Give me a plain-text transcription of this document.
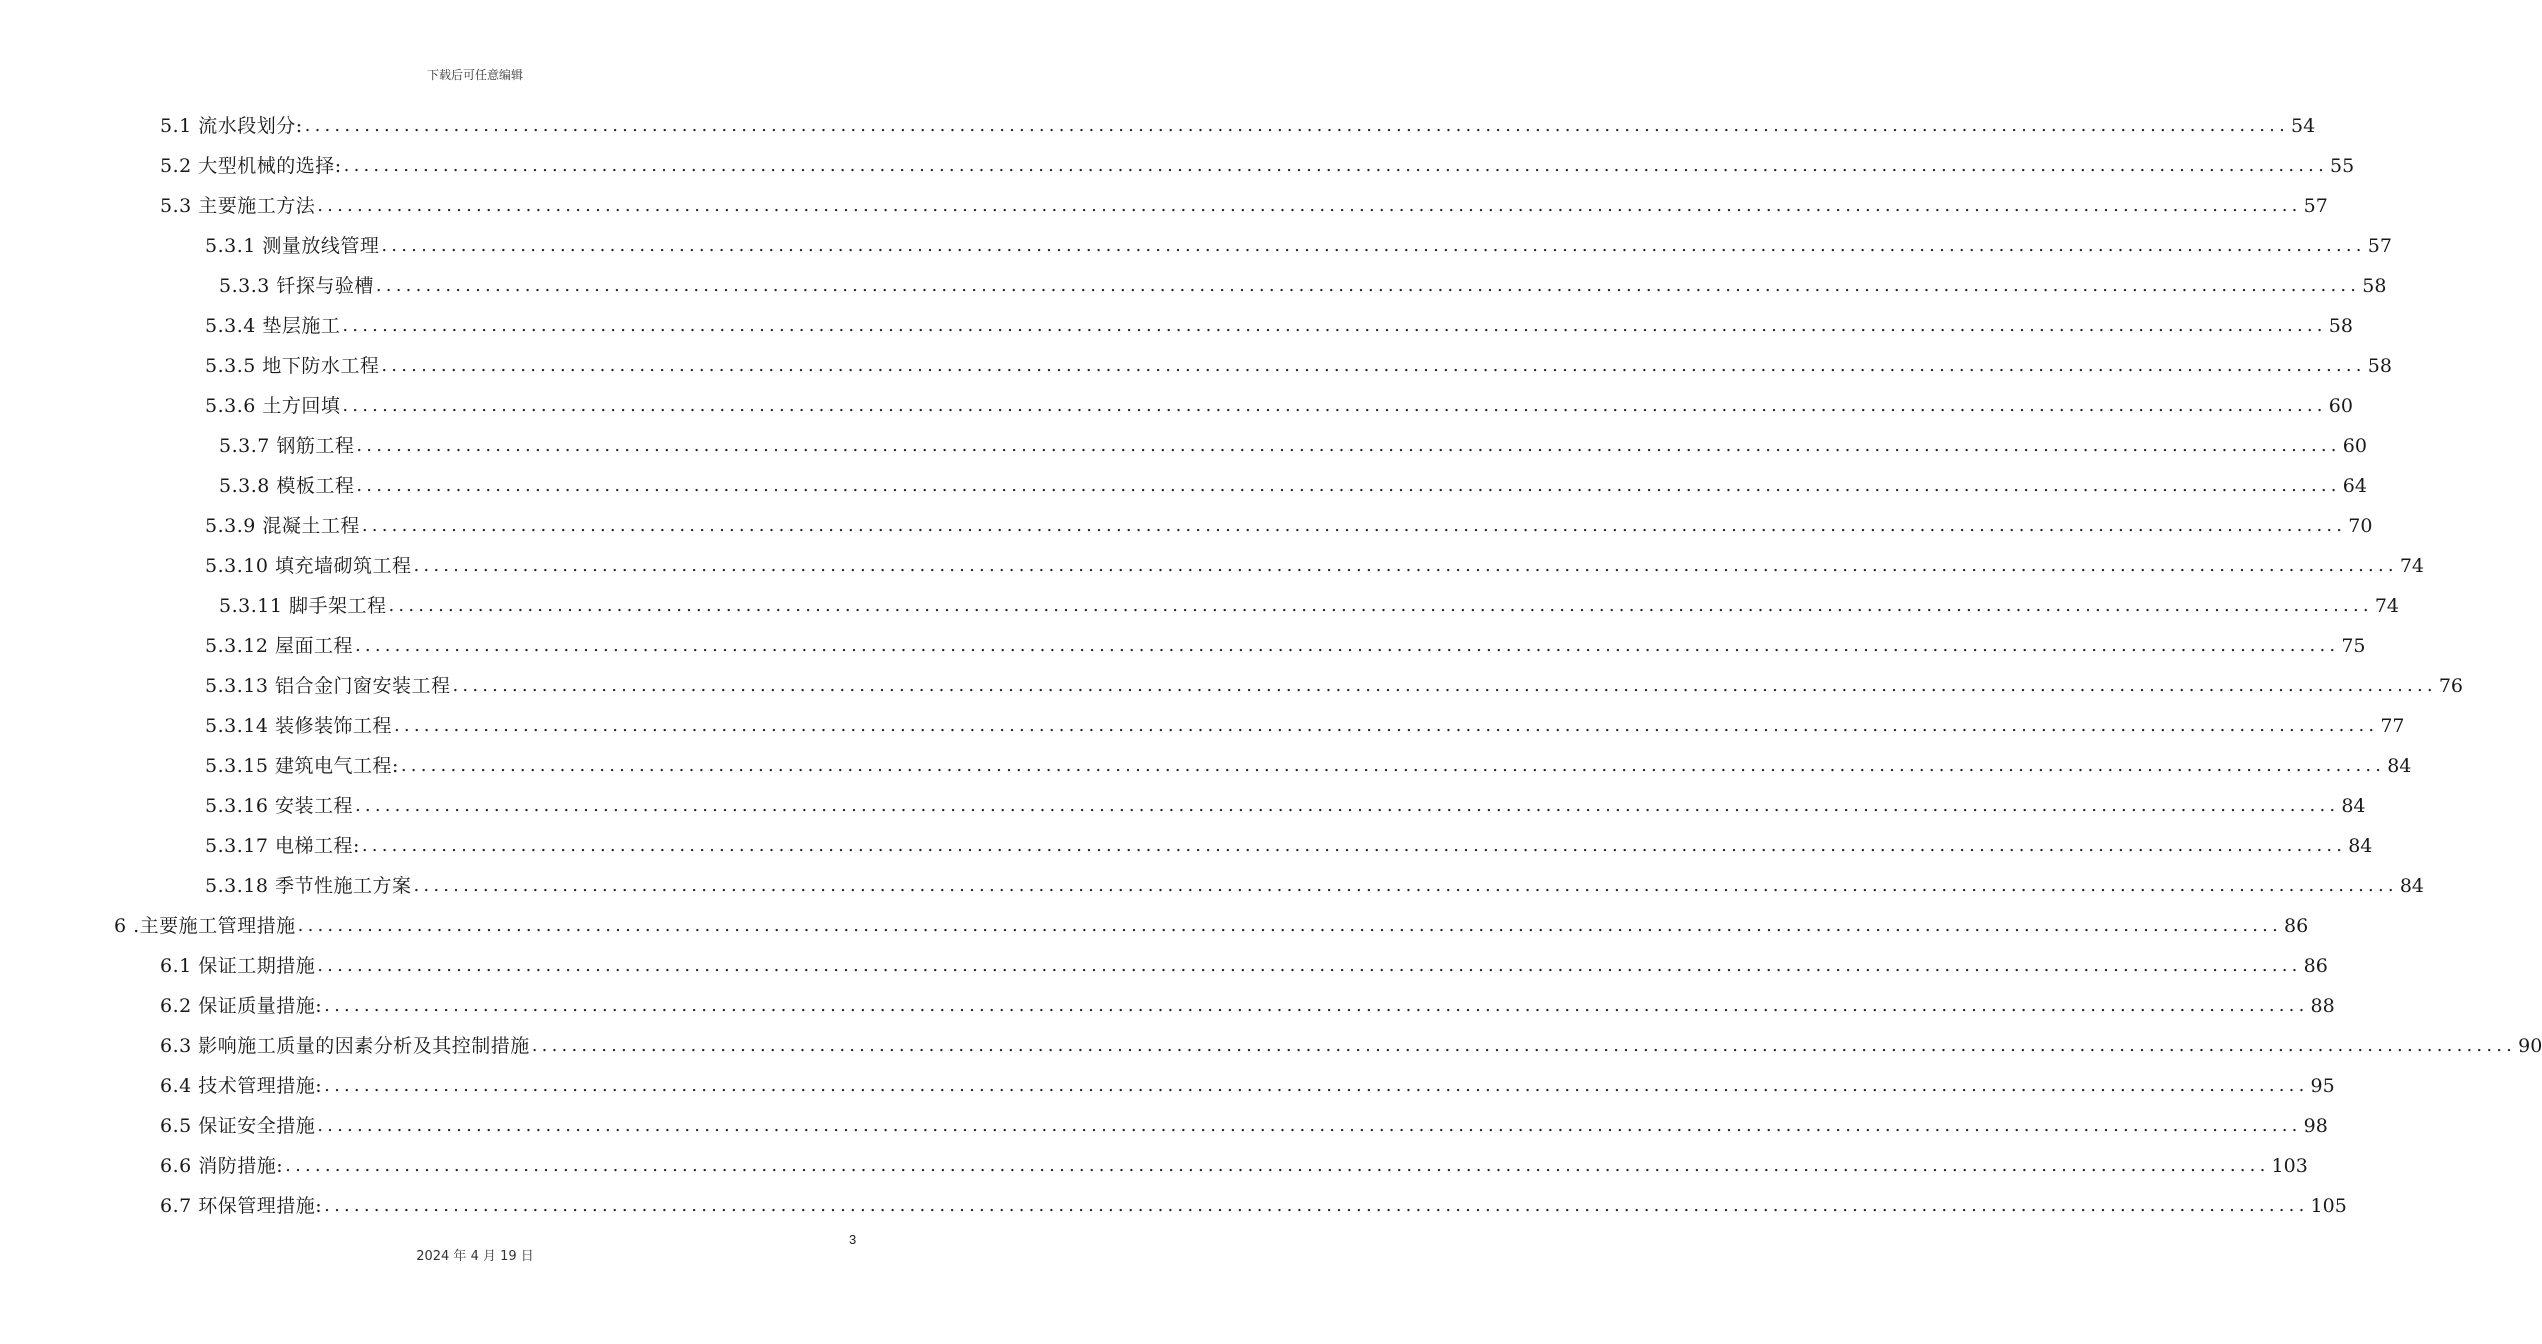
下载后可任意编辑
5.1 流水段划分: ........................................................................................................................................................................................................ 54
5.2 大型机械的选择: ........................................................................................................................................................................................................ 55
5.3 主要施工方法 ........................................................................................................................................................................................................ 57
5.3.1 测量放线管理 ........................................................................................................................................................................................................ 57
5.3.3 钎探与验槽 ........................................................................................................................................................................................................ 58
5.3.4 垫层施工 ........................................................................................................................................................................................................ 58
5.3.5 地下防水工程 ........................................................................................................................................................................................................ 58
5.3.6 土方回填 ........................................................................................................................................................................................................ 60
5.3.7 钢筋工程 ........................................................................................................................................................................................................ 60
5.3.8 模板工程 ........................................................................................................................................................................................................ 64
5.3.9 混凝土工程 ........................................................................................................................................................................................................ 70
5.3.10 填充墙砌筑工程 ........................................................................................................................................................................................................ 74
5.3.11 脚手架工程 ........................................................................................................................................................................................................ 74
5.3.12 屋面工程 ........................................................................................................................................................................................................ 75
5.3.13 铝合金门窗安装工程 ........................................................................................................................................................................................................ 76
5.3.14 装修装饰工程 ........................................................................................................................................................................................................ 77
5.3.15 建筑电气工程: ........................................................................................................................................................................................................ 84
5.3.16 安装工程 ........................................................................................................................................................................................................ 84
5.3.17 电梯工程: ........................................................................................................................................................................................................ 84
5.3.18 季节性施工方案 ........................................................................................................................................................................................................ 84
6 .主要施工管理措施 ........................................................................................................................................................................................................ 86
6.1 保证工期措施 ........................................................................................................................................................................................................ 86
6.2 保证质量措施: ........................................................................................................................................................................................................ 88
6.3 影响施工质量的因素分析及其控制措施 ........................................................................................................................................................................................................ 90
6.4 技术管理措施: ........................................................................................................................................................................................................ 95
6.5 保证安全措施 ........................................................................................................................................................................................................ 98
6.6 消防措施: ........................................................................................................................................................................................................ 103
6.7 环保管理措施: ........................................................................................................................................................................................................ 105
3
2024 年 4 月 19 日
